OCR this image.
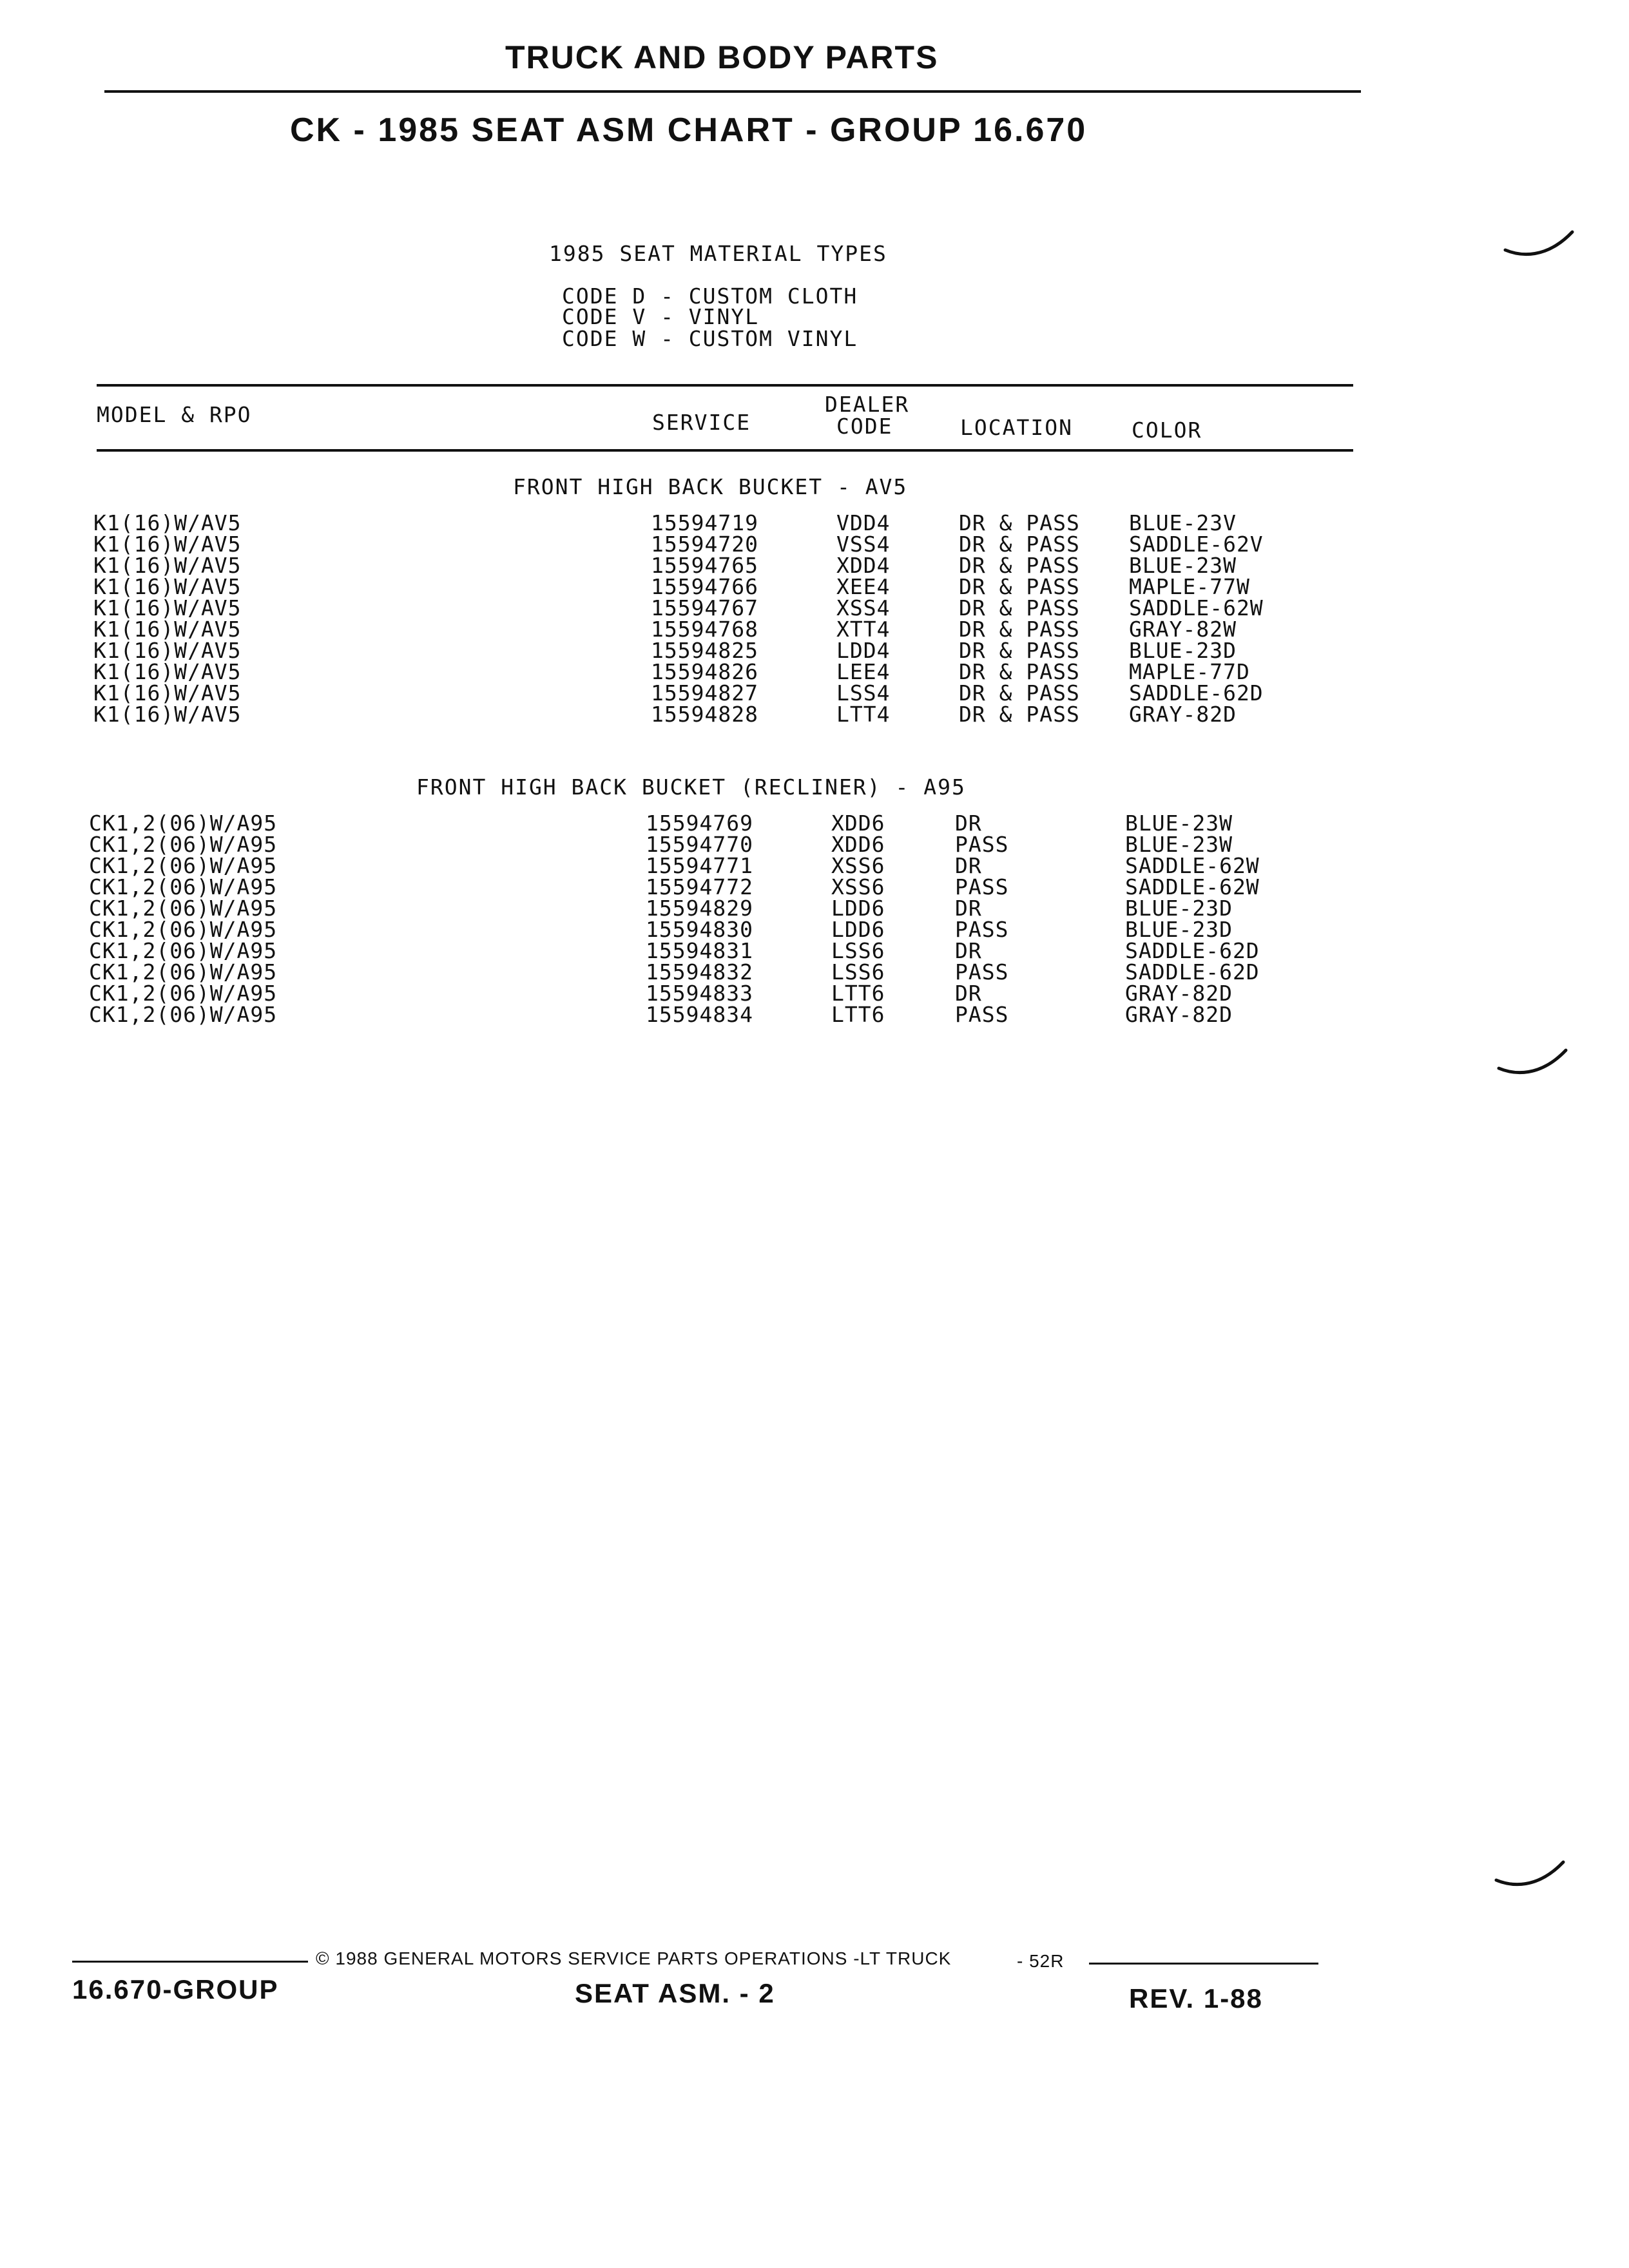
TRUCK AND BODY PARTS
CK - 1985 SEAT ASM CHART - GROUP 16.670
1985 SEAT MATERIAL TYPES
CODE D - CUSTOM CLOTH
CODE V - VINYL
CODE W - CUSTOM VINYL
MODEL & RPO	SERVICE
DEALER
CODE	LOCATION	COLOR
FRONT HIGH BACK BUCKET - AV5
K1(16)W/AV5	15594719	VDD4	DR & PASS BLUE-23V
K1(16)W/AV5	15594720	VSS4	DR & PASS SADDLE-62V
K1(16)W/AV5	15594765	XDD4	DR & PASS BLUE-23W
K1(16)W/AV5	15594766	XEE4	DR & PASS MAPLE-77W
K1(16)W/AV5	15594767	XSS4	DR & PASS SADDLE-62W
K1(16)W/AV5	15594768	XTT4	DR & PASS GRAY-82W
K1(16)W/AV5	15594825	LDD4	DR & PASS BLUE-23D
K1(16)W/AV5	15594826	LEE4	DR & PASS MAPLE-77D
K1(16)W/AV5	15594827	LSS4	DR & PASS SADDLE-62D
K1(16)W/AV5	15594828	LTT4	DR & PASS GRAY-82D
FRONT HIGH BACK BUCKET (RECLINER) - A95
CK1,2(06)W/A95	15594769	XDD6	DR	BLUE-23W
CK1,2(06)W/A95	15594770	XDD6	PASS	BLUE-23W
CK1,2(06)W/A95	15594771	XSS6	DR	SADDLE-62W
CK1,2(06)W/A95	15594772	XSS6	PASS	SADDLE-62W
CK1,2(06)W/A95	15594829	LDD6	DR	BLUE-23D
CK1,2(06)W/A95	15594830	LDD6	PASS	BLUE-23D
CK1,2(06)W/A95	15594831	LSS6	DR	SADDLE-62D
CK1,2(06)W/A95	15594832	LSS6	PASS	SADDLE-62D
CK1,2(06)W/A95	15594833	LTT6	DR	GRAY-82D
CK1,2(06)W/A95	15594834	LTT6	PASS	GRAY-82D
© 1988 GENERAL MOTORS SERVICE PARTS OPERATIONS -LT TRUCK	- 52R
16.670-GROUP	SEAT ASM. - 2	REV. 1-88
